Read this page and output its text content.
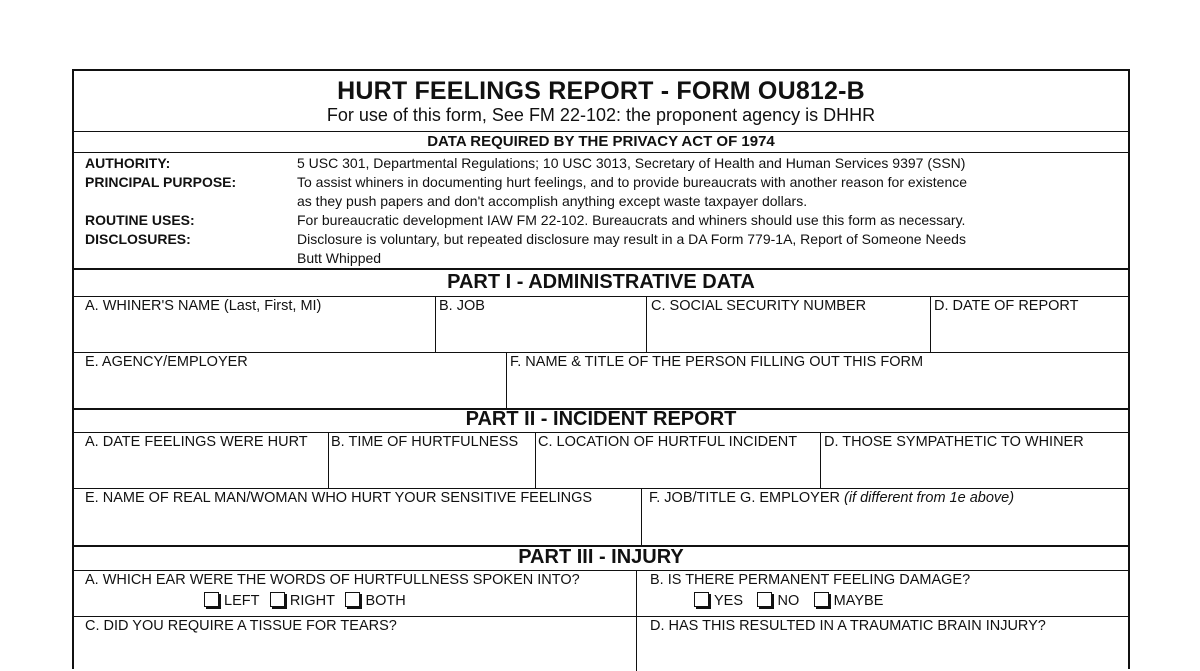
HURT FEELINGS REPORT - FORM OU812-B
For use of this form, See FM 22-102: the proponent agency is DHHR
DATA REQUIRED BY THE PRIVACY ACT OF 1974
AUTHORITY:	5 USC 301, Departmental Regulations; 10 USC 3013, Secretary of Health and Human Services 9397 (SSN)
PRINCIPAL PURPOSE:	To assist whiners in documenting hurt feelings, and to provide bureaucrats with another reason for existence
as they push papers and don't accomplish anything except waste taxpayer dollars.
ROUTINE USES:	For bureaucratic development IAW FM 22-102. Bureaucrats and whiners should use this form as necessary.
DISCLOSURES:	Disclosure is voluntary, but repeated disclosure may result in a DA Form 779-1A, Report of Someone Needs
Butt Whipped
PART I - ADMINISTRATIVE DATA
A. WHINER'S NAME (Last, First, MI)	B. JOB	C. SOCIAL SECURITY NUMBER	D. DATE OF REPORT
E. AGENCY/EMPLOYER	F. NAME & TITLE OF THE PERSON FILLING OUT THIS FORM
PART II - INCIDENT REPORT
A. DATE FEELINGS WERE HURT B. TIME OF HURTFULNESS C. LOCATION OF HURTFUL INCIDENT D. THOSE SYMPATHETIC TO WHINER
E. NAME OF REAL MAN/WOMAN WHO HURT YOUR SENSITIVE FEELINGS	F. JOB/TITLE G. EMPLOYER (if different from 1e above)
PART III - INJURY
A. WHICH EAR WERE THE WORDS OF HURTFULLNESS SPOKEN INTO?
LEFT RIGHT BOTH
B. IS THERE PERMANENT FEELING DAMAGE?
YES NO MAYBE
C. DID YOU REQUIRE A TISSUE FOR TEARS?	D. HAS THIS RESULTED IN A TRAUMATIC BRAIN INJURY?
